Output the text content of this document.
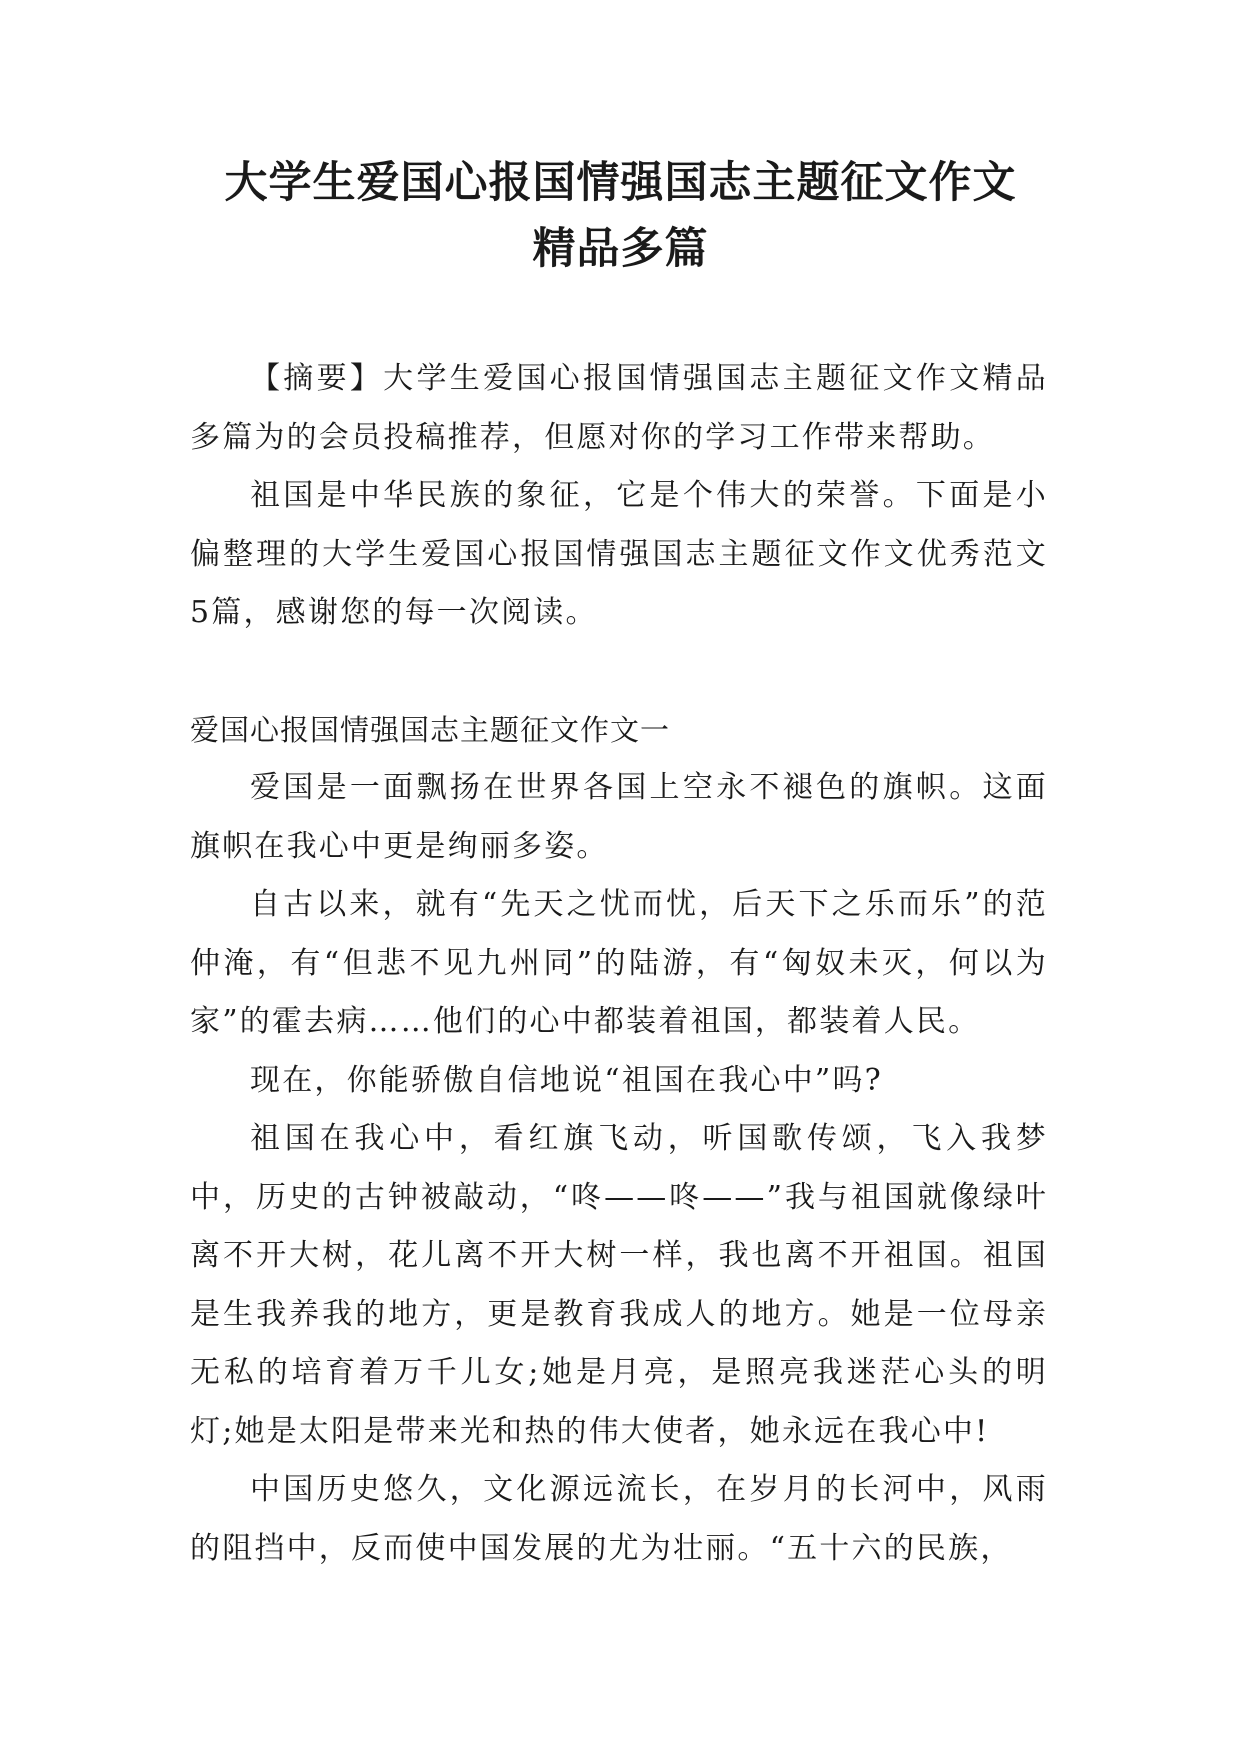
大学生爱国心报国情强国志主题征文作文
精品多篇

【摘要】大学生爱国心报国情强国志主题征文作文精品多篇为的会员投稿推荐，但愿对你的学习工作带来帮助。

祖国是中华民族的象征，它是个伟大的荣誉。下面是小偏整理的大学生爱国心报国情强国志主题征文作文优秀范文5篇，感谢您的每一次阅读。

爱国心报国情强国志主题征文作文一

爱国是一面飘扬在世界各国上空永不褪色的旗帜。这面旗帜在我心中更是绚丽多姿。

自古以来，就有“先天之忧而忧，后天下之乐而乐”的范仲淹，有“但悲不见九州同”的陆游，有“匈奴未灭，何以为家”的霍去病……他们的心中都装着祖国，都装着人民。

现在，你能骄傲自信地说“祖国在我心中”吗?

祖国在我心中，看红旗飞动，听国歌传颂，飞入我梦中，历史的古钟被敲动，“咚——咚——”我与祖国就像绿叶离不开大树，花儿离不开大树一样，我也离不开祖国。祖国是生我养我的地方，更是教育我成人的地方。她是一位母亲无私的培育着万千儿女;她是月亮，是照亮我迷茫心头的明灯;她是太阳是带来光和热的伟大使者，她永远在我心中!

中国历史悠久，文化源远流长，在岁月的长河中，风雨的阻挡中，反而使中国发展的尤为壮丽。“五十六的民族，
